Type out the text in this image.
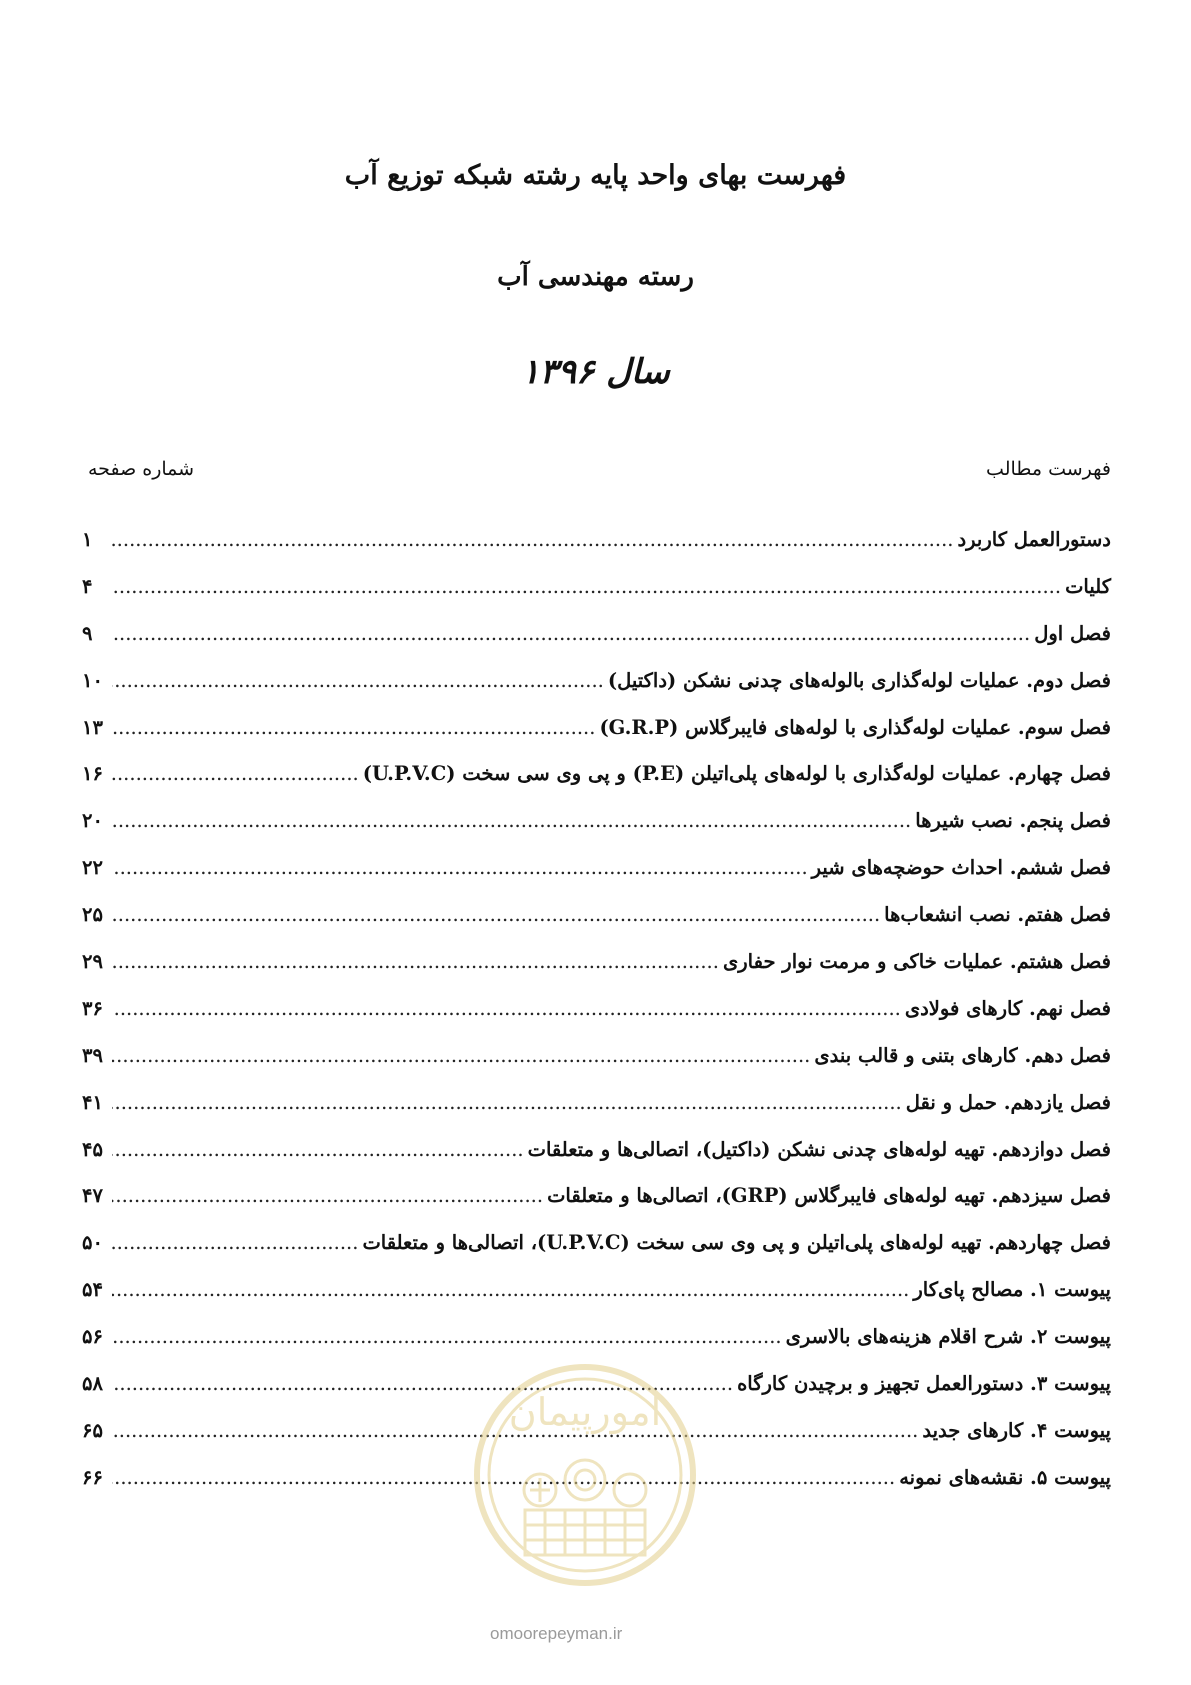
فهرست بهای واحد پایه رشته شبکه توزیع آب
رسته مهندسی آب
سال ۱۳۹۶
فهرست مطالب
شماره صفحه
دستورالعمل کاربرد
.....
۱
کلیات
.....
۴
فصل اول
.....
۹
فصل دوم. عملیات لوله‌گذاری بالوله‌های چدنی نشکن (داکتیل)
.....
۱۰
فصل سوم. عملیات لوله‌گذاری با لوله‌های فایبرگلاس (G.R.P)
.....
۱۳
فصل چهارم. عملیات لوله‌گذاری با لوله‌های پلی‌اتیلن (P.E) و پی وی سی سخت (U.P.V.C)
.....
۱۶
فصل پنجم. نصب شیرها
.....
۲۰
فصل ششم. احداث حوضچه‌های شیر
.....
۲۲
فصل هفتم. نصب انشعاب‌ها
.....
۲۵
فصل هشتم. عملیات خاکی و مرمت نوار حفاری
.....
۲۹
فصل نهم. کارهای فولادی
.....
۳۶
فصل دهم. کارهای بتنی و قالب بندی
.....
۳۹
فصل یازدهم. حمل و نقل
.....
۴۱
فصل دوازدهم. تهیه لوله‌های چدنی نشکن (داکتیل)، اتصالی‌ها و متعلقات
.....
۴۵
فصل سیزدهم. تهیه لوله‌های فایبرگلاس (GRP)، اتصالی‌ها و متعلقات
.....
۴۷
فصل چهاردهم. تهیه لوله‌های پلی‌اتیلن و پی وی سی سخت (U.P.V.C)، اتصالی‌ها و متعلقات
.....
۵۰
پیوست ۱. مصالح پای‌کار
.....
۵۴
پیوست ۲. شرح اقلام هزینه‌های بالاسری
.....
۵۶
پیوست ۳. دستورالعمل تجهیز و برچیدن کارگاه
.....
۵۸
پیوست ۴. کارهای جدید
.....
۶۵
پیوست ۵. نقشه‌های نمونه
.....
۶۶
امورپیمان
omoorepeyman.ir
